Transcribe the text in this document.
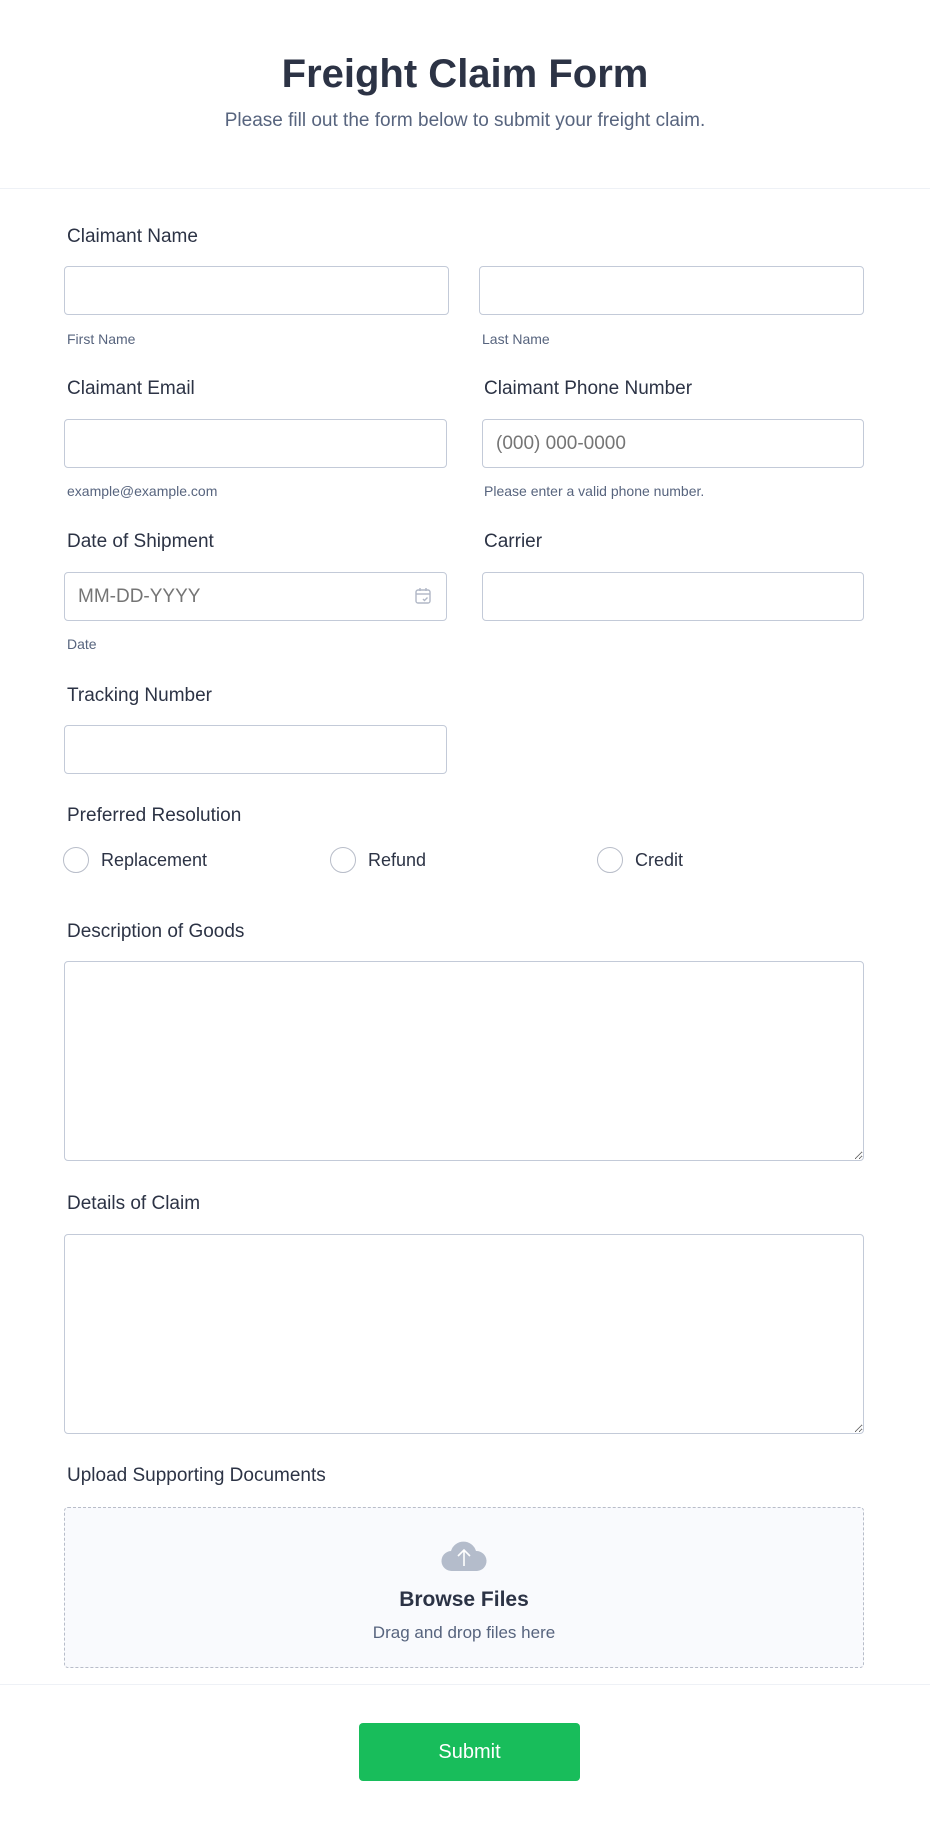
Freight Claim Form
Please fill out the form below to submit your freight claim.
Claimant Name
First Name	Last Name
Claimant Email
example@example.com
Claimant Phone Number
(000) 000-0000
Please enter a valid phone number.
Date of Shipment
MM-DD-YYYY
Date
Carrier
Tracking Number
Preferred Resolution
Replacement	Refund	Credit
Description of Goods
Details of Claim
Upload Supporting Documents
Browse Files
Drag and drop files here
Submit
